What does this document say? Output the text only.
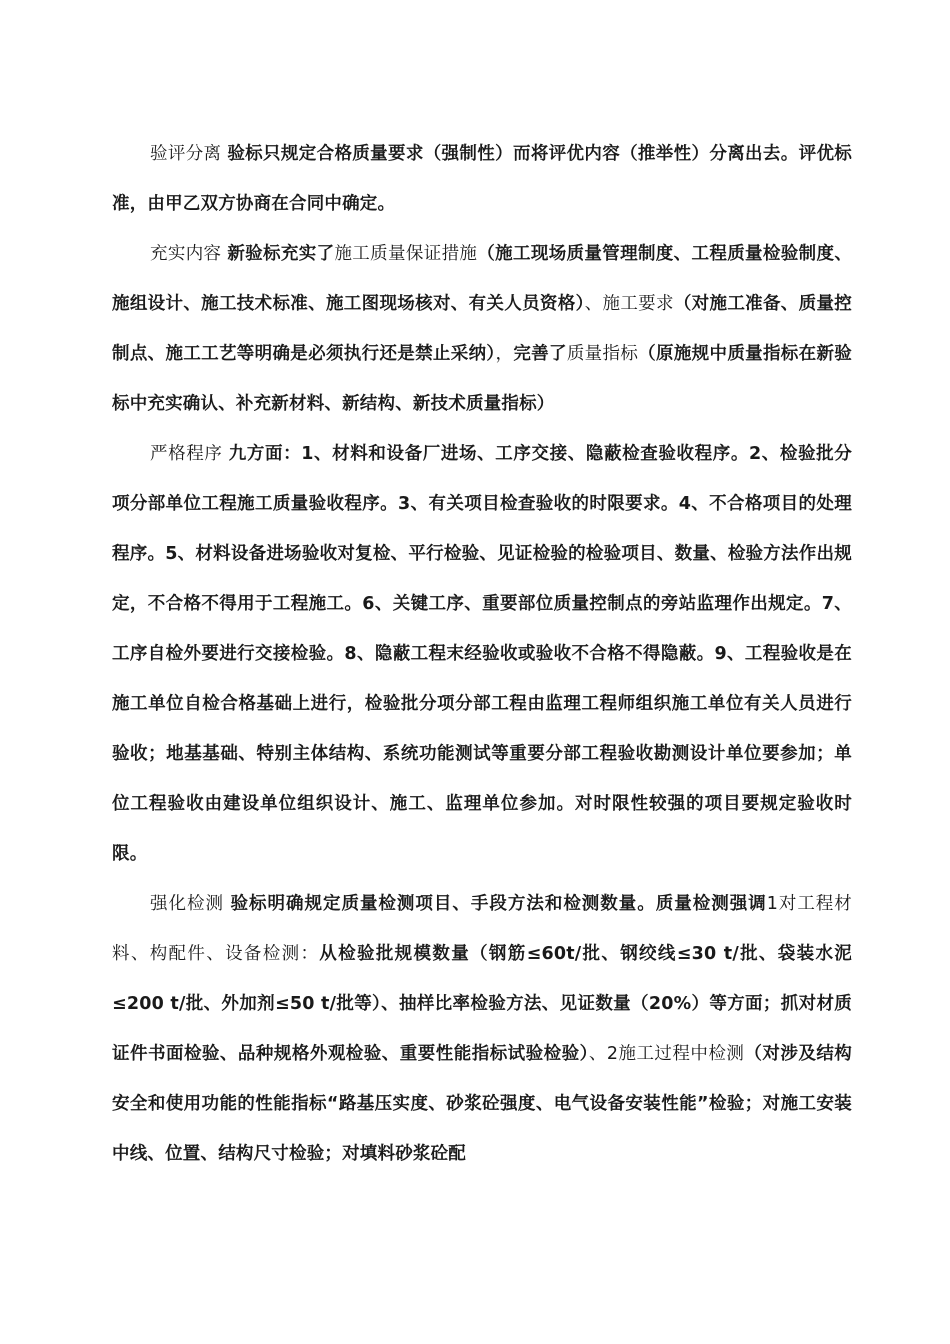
验评分离 验标只规定合格质量要求（强制性）而将评优内容（推举性）分离出去。评优标准，由甲乙双方协商在合同中确定。

充实内容 新验标充实了施工质量保证措施（施工现场质量管理制度、工程质量检验制度、施组设计、施工技术标准、施工图现场核对、有关人员资格）、施工要求（对施工准备、质量控制点、施工工艺等明确是必须执行还是禁止采纳），完善了质量指标（原施规中质量指标在新验标中充实确认、补充新材料、新结构、新技术质量指标）

严格程序 九方面：1、材料和设备厂进场、工序交接、隐蔽检查验收程序。2、检验批分项分部单位工程施工质量验收程序。3、有关项目检查验收的时限要求。4、不合格项目的处理程序。5、材料设备进场验收对复检、平行检验、见证检验的检验项目、数量、检验方法作出规定，不合格不得用于工程施工。6、关键工序、重要部位质量控制点的旁站监理作出规定。7、工序自检外要进行交接检验。8、隐蔽工程末经验收或验收不合格不得隐蔽。9、工程验收是在施工单位自检合格基础上进行，检验批分项分部工程由监理工程师组织施工单位有关人员进行验收；地基基础、特别主体结构、系统功能测试等重要分部工程验收勘测设计单位要参加；单位工程验收由建设单位组织设计、施工、监理单位参加。对时限性较强的项目要规定验收时限。

强化检测 验标明确规定质量检测项目、手段方法和检测数量。质量检测强调1对工程材料、构配件、设备检测：从检验批规模数量（钢筋≤60t/批、钢绞线≤30 t/批、袋装水泥≤200 t/批、外加剂≤50 t/批等）、抽样比率检验方法、见证数量（20%）等方面；抓对材质证件书面检验、品种规格外观检验、重要性能指标试验检验）、2施工过程中检测（对涉及结构安全和使用功能的性能指标“路基压实度、砂浆砼强度、电气设备安装性能”检验；对施工安装中线、位置、结构尺寸检验；对填料砂浆砼配
